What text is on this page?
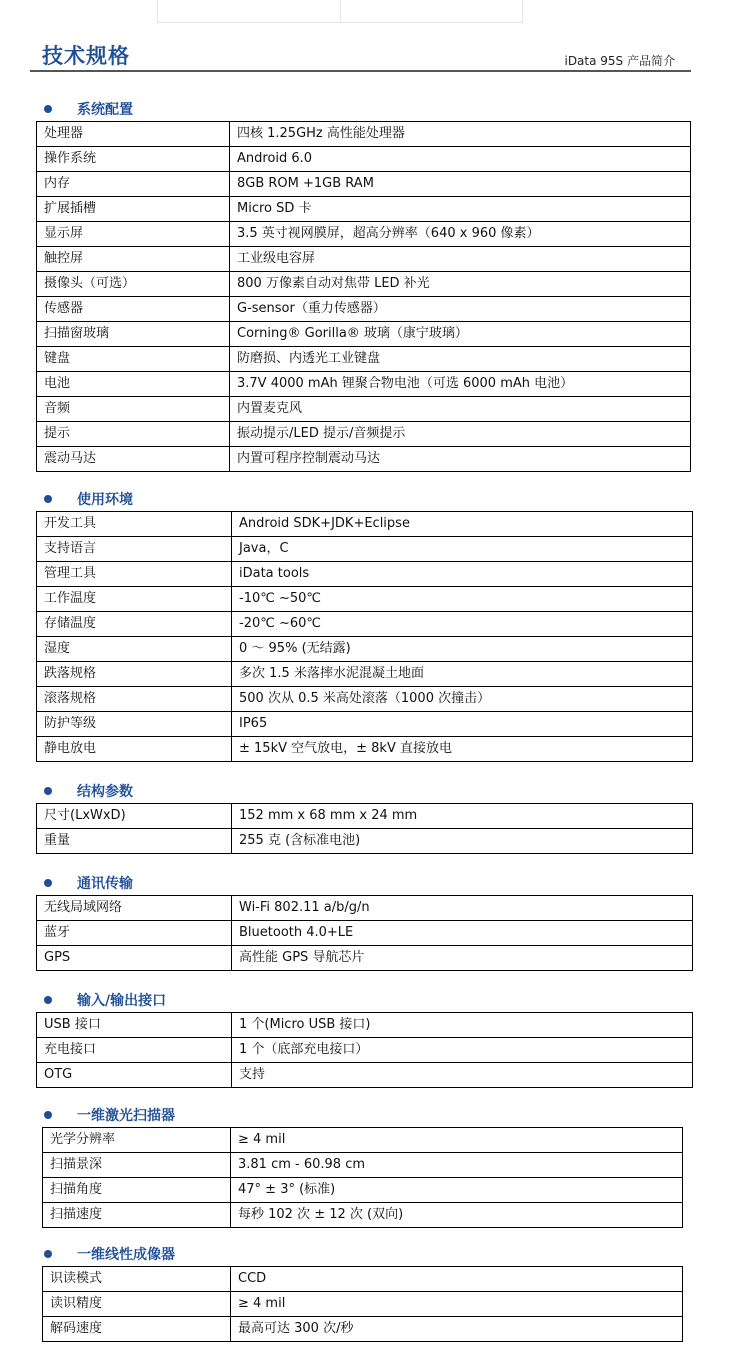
技术规格	iData 95S 产品简介
系统配置
处理器	四核 1.25GHz 高性能处理器
操作系统	Android 6.0
内存	8GB ROM +1GB RAM
扩展插槽	Micro SD 卡
显示屏	3.5 英寸视网膜屏，超高分辨率（640 x 960 像素）
触控屏	工业级电容屏
摄像头（可选）	800 万像素自动对焦带 LED 补光
传感器	G-sensor（重力传感器）
扫描窗玻璃	Corning® Gorilla® 玻璃（康宁玻璃）
键盘	防磨损、内透光工业键盘
电池	3.7V 4000 mAh 锂聚合物电池（可选 6000 mAh 电池）
音频	内置麦克风
提示	振动提示/LED 提示/音频提示
震动马达	内置可程序控制震动马达
使用环境
开发工具	Android SDK+JDK+Eclipse
支持语言	Java，C
管理工具	iData tools
工作温度	-10℃ ~50℃
存储温度	-20℃ ~60℃
湿度	0 ～ 95% (无结露)
跌落规格	多次 1.5 米落摔水泥混凝土地面
滚落规格	500 次从 0.5 米高处滚落（1000 次撞击）
防护等级	IP65
静电放电	± 15kV 空气放电，± 8kV 直接放电
结构参数
尺寸(LxWxD)	152 mm x 68 mm x 24 mm
重量	255 克 (含标准电池)
通讯传输
无线局域网络	Wi-Fi 802.11 a/b/g/n
蓝牙	Bluetooth 4.0+LE
GPS	高性能 GPS 导航芯片
输入/输出接口
USB 接口	1 个(Micro USB 接口)
充电接口	1 个（底部充电接口）
OTG	支持
一维激光扫描器
光学分辨率	≥ 4 mil
扫描景深	3.81 cm - 60.98 cm
扫描角度	47° ± 3° (标准)
扫描速度	每秒 102 次 ± 12 次 (双向)
一维线性成像器
识读模式	CCD
读识精度	≥ 4 mil
解码速度	最高可达 300 次/秒
